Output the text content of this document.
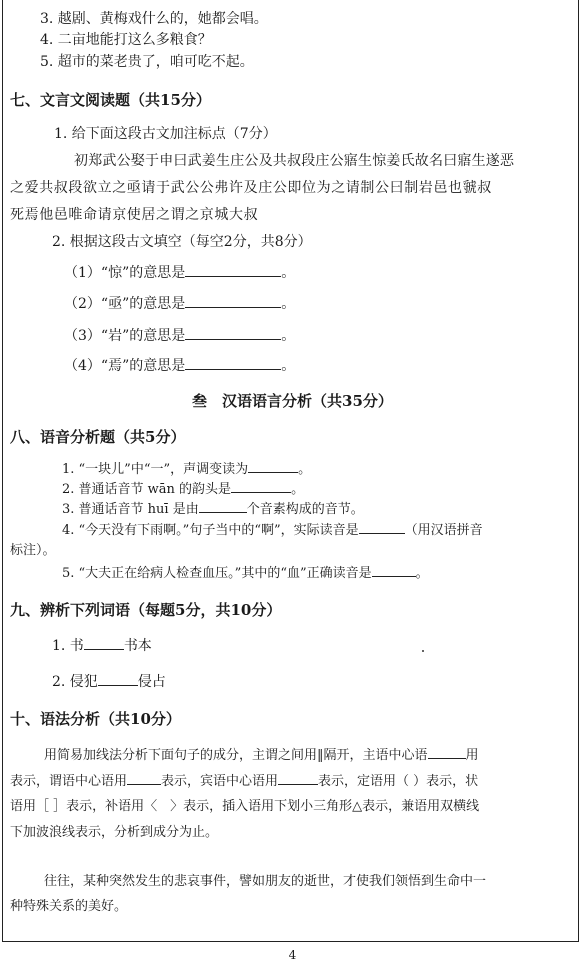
3. 越剧、黄梅戏什么的，她都会唱。

4. 二亩地能打这么多粮食？

5. 超市的菜老贵了，咱可吃不起。

七、文言文阅读题（共15分）

1. 给下面这段古文加注标点（7分）

初郑武公娶于申曰武姜生庄公及共叔段庄公寤生惊姜氏故名曰寤生遂恶

之爱共叔段欲立之亟请于武公公弗许及庄公即位为之请制公曰制岩邑也虢叔

死焉他邑唯命请京使居之谓之京城大叔

2. 根据这段古文填空（每空2分，共8分）

（1）“惊”的意思是	。

（2）“亟”的意思是	。

（3）“岩”的意思是	。

（4）“焉”的意思是	。

叁　汉语语言分析（共35分）

八、语音分析题（共5分）

1. “一块儿”中“一”，声调变读为	。

2. 普通话音节 wān 的韵头是	。

3. 普通话音节 huī 是由	个音素构成的音节。

4. “今天没有下雨啊。”句子当中的“啊”，实际读音是	（用汉语拼音

标注）。

5. “大夫正在给病人检查血压。”其中的“血”正确读音是	。

九、辨析下列词语（每题5分，共10分）

1. 书	书本

2. 侵犯	侵占

十、语法分析（共10分）

用简易加线法分析下面句子的成分，主谓之间用‖隔开，主语中心语	用

表示，谓语中心语用	表示，宾语中心语用	表示，定语用（ ）表示，状

语用［ ］表示，补语用〈　〉表示，插入语用下划小三角形△表示，兼语用双横线

下加波浪线表示，分析到成分为止。

往往，某种突然发生的悲哀事件，譬如朋友的逝世，才使我们领悟到生命中一

种特殊关系的美好。

4
